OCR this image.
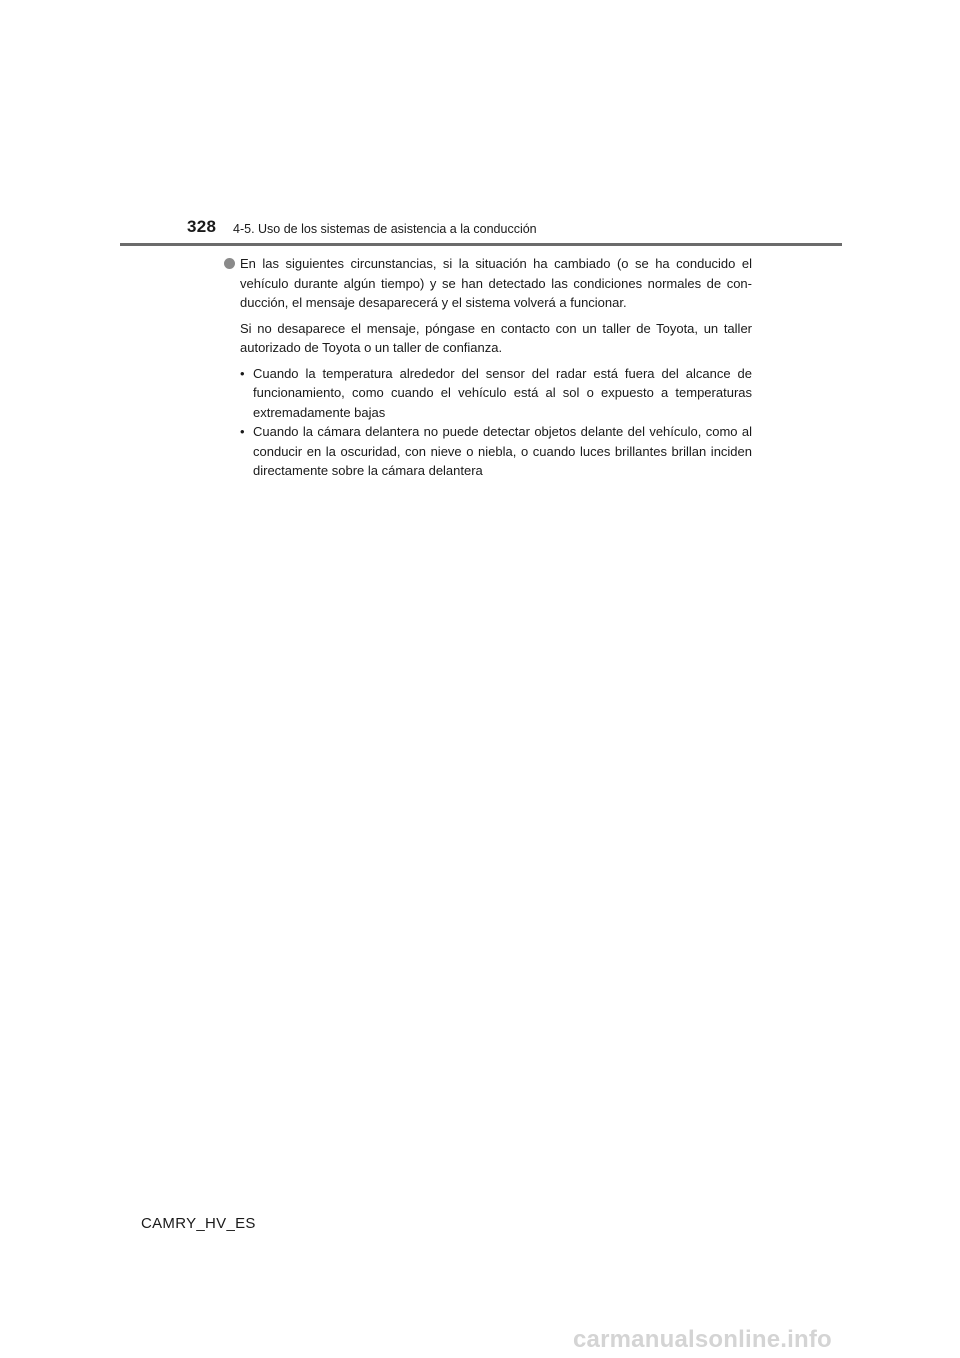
328 4-5. Uso de los sistemas de asistencia a la conducción

En las siguientes circunstancias, si la situación ha cambiado (o se ha conducido el vehículo durante algún tiempo) y se han detectado las condiciones normales de con-ducción, el mensaje desaparecerá y el sistema volverá a funcionar.

Si no desaparece el mensaje, póngase en contacto con un taller de Toyota, un taller autorizado de Toyota o un taller de confianza.

• Cuando la temperatura alrededor del sensor del radar está fuera del alcance de funcionamiento, como cuando el vehículo está al sol o expuesto a temperaturas extremadamente bajas
• Cuando la cámara delantera no puede detectar objetos delante del vehículo, como al conducir en la oscuridad, con nieve o niebla, o cuando luces brillantes brillan inciden directamente sobre la cámara delantera
CAMRY_HV_ES
carmanualsonline.info
